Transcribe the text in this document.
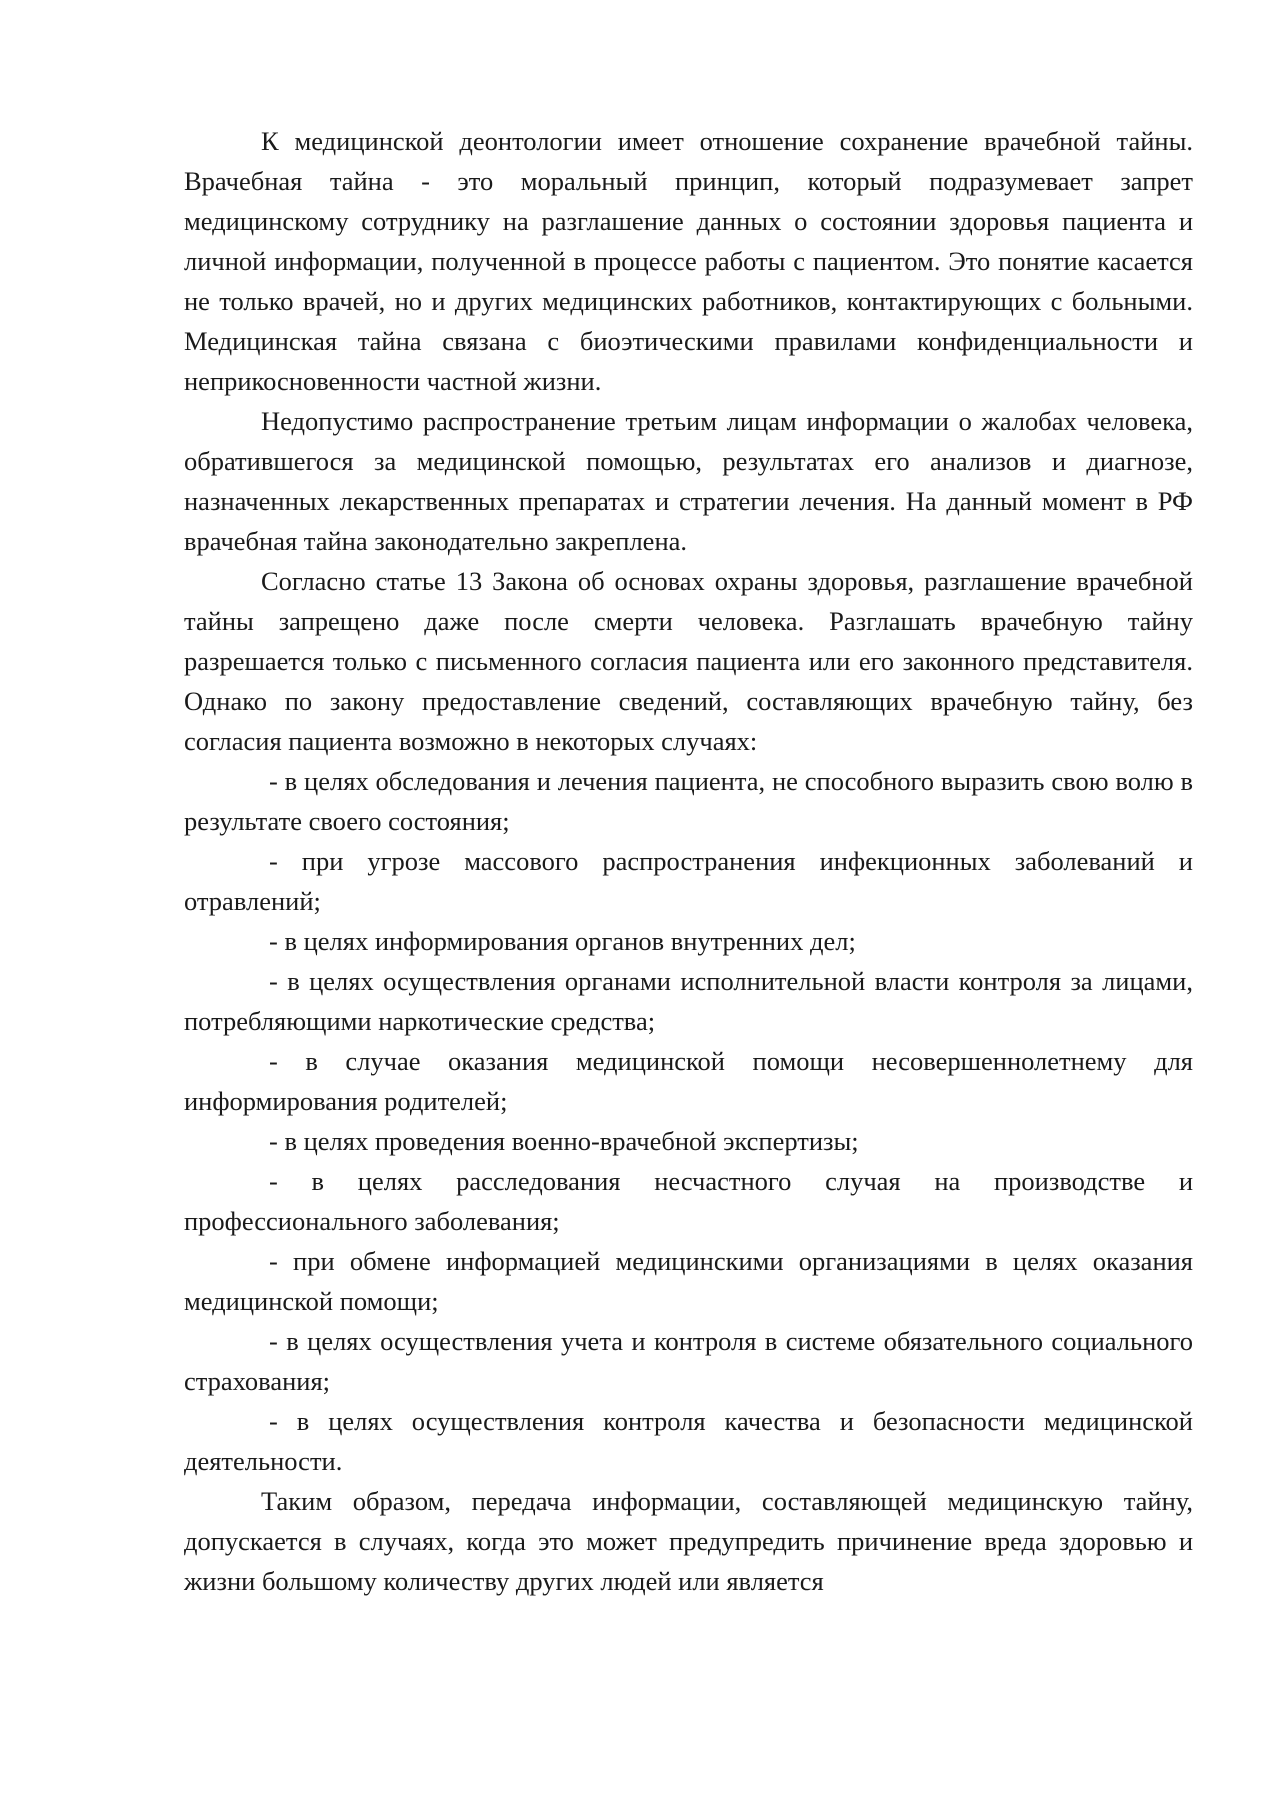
К медицинской деонтологии имеет отношение сохранение врачебной тайны. Врачебная тайна - это моральный принцип, который подразумевает запрет медицинскому сотруднику на разглашение данных о состоянии здоровья пациента и личной информации, полученной в процессе работы с пациентом. Это понятие касается не только врачей, но и других медицинских работников, контактирующих с больными. Медицинская тайна связана с биоэтическими правилами конфиденциальности и неприкосновенности частной жизни.

Недопустимо распространение третьим лицам информации о жалобах человека, обратившегося за медицинской помощью, результатах его анализов и диагнозе, назначенных лекарственных препаратах и стратегии лечения. На данный момент в РФ врачебная тайна законодательно закреплена.

Согласно статье 13 Закона об основах охраны здоровья, разглашение врачебной тайны запрещено даже после смерти человека. Разглашать врачебную тайну разрешается только с письменного согласия пациента или его законного представителя. Однако по закону предоставление сведений, составляющих врачебную тайну, без согласия пациента возможно в некоторых случаях:

- в целях обследования и лечения пациента, не способного выразить свою волю в результате своего состояния;

- при угрозе массового распространения инфекционных заболеваний и отравлений;

- в целях информирования органов внутренних дел;

- в целях осуществления органами исполнительной власти контроля за лицами, потребляющими наркотические средства;

- в случае оказания медицинской помощи несовершеннолетнему для информирования родителей;

- в целях проведения военно-врачебной экспертизы;

- в целях расследования несчастного случая на производстве и профессионального заболевания;

- при обмене информацией медицинскими организациями в целях оказания медицинской помощи;

- в целях осуществления учета и контроля в системе обязательного социального страхования;

- в целях осуществления контроля качества и безопасности медицинской деятельности.

Таким образом, передача информации, составляющей медицинскую тайну, допускается в случаях, когда это может предупредить причинение вреда здоровью и жизни большому количеству других людей или является
